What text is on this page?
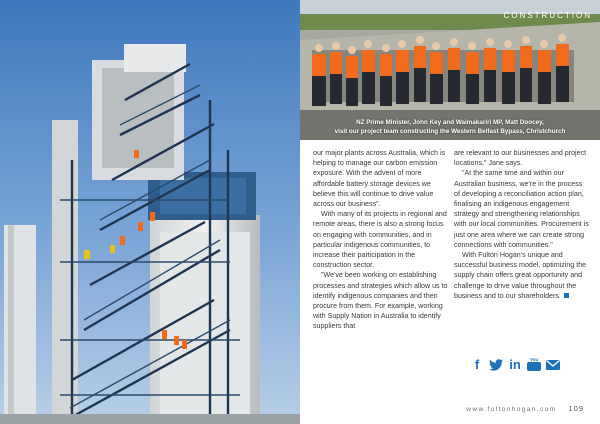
CONSTRUCTION
NZ Prime Minister, John Key and Waimakariri MP, Matt Doocey,
visit our project team constructing the Western Belfast Bypass, Christchurch

our major plants across Australia, which is helping to manage our carbon emission exposure. With the advent of more affordable battery storage devices we believe this will continue to drive value across our business".

With many of its projects in regional and remote areas, there is also a strong focus on engaging with communities, and in particular indigenous communities, to increase their participation in the construction sector.

"We've been working on establishing processes and strategies which allow us to identify indigenous companies and then procure from them. For example, working with Supply Nation in Australia to identify suppliers that

are relevant to our businesses and project locations," Jane says.

"At the same time and within our Australian business, we're in the process of developing a reconciliation action plan, finalising an indigenous engagement strategy and strengthening relationships with our local communities. Procurement is just one area where we can create strong connections with communities."

With Fulton Hogan's unique and successful business model, optimizing the supply chain offers great opportunity and challenge to drive value throughout the business and to our shareholders.

f	in	You
www.fultonhogan.com 109
